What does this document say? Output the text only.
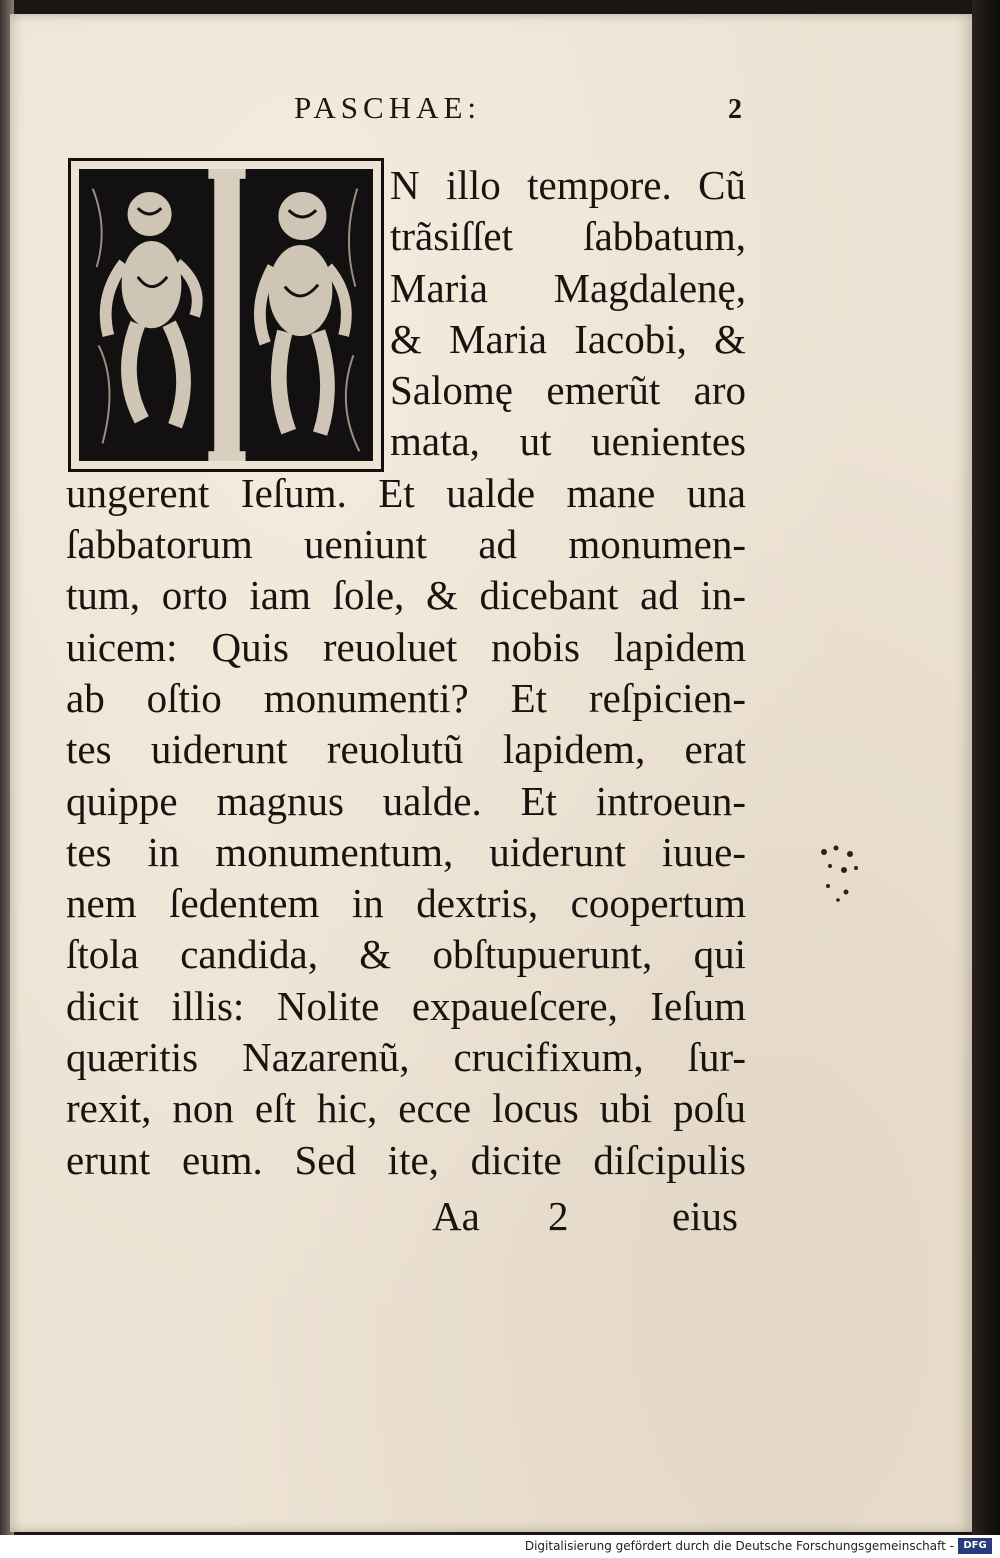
PASCHAE:	2
N illo tempore. Cũ
trãsiſſet ſabbatum,
Maria Magdalenę,
& Maria Iacobi, &
Salomę emerũt aro
mata, ut uenientes
ungerent Ieſum. Et ualde mane una
ſabbatorum ueniunt ad monumen-
tum, orto iam ſole, & dicebant ad in-
uicem: Quis reuoluet nobis lapidem
ab oſtio monumenti? Et reſpicien-
tes uiderunt reuolutũ lapidem, erat
quippe magnus ualde. Et introeun-
tes in monumentum, uiderunt iuue-
nem ſedentem in dextris, coopertum
ſtola candida, & obſtupuerunt, qui
dicit illis: Nolite expaueſcere, Ieſum
quæritis Nazarenũ, crucifixum, ſur-
rexit, non eſt hic, ecce locus ubi poſu
erunt eum. Sed ite, dicite diſcipulis
Aa 2	eius
Digitalisierung gefördert durch die Deutsche Forschungsgemeinschaft - DFG
